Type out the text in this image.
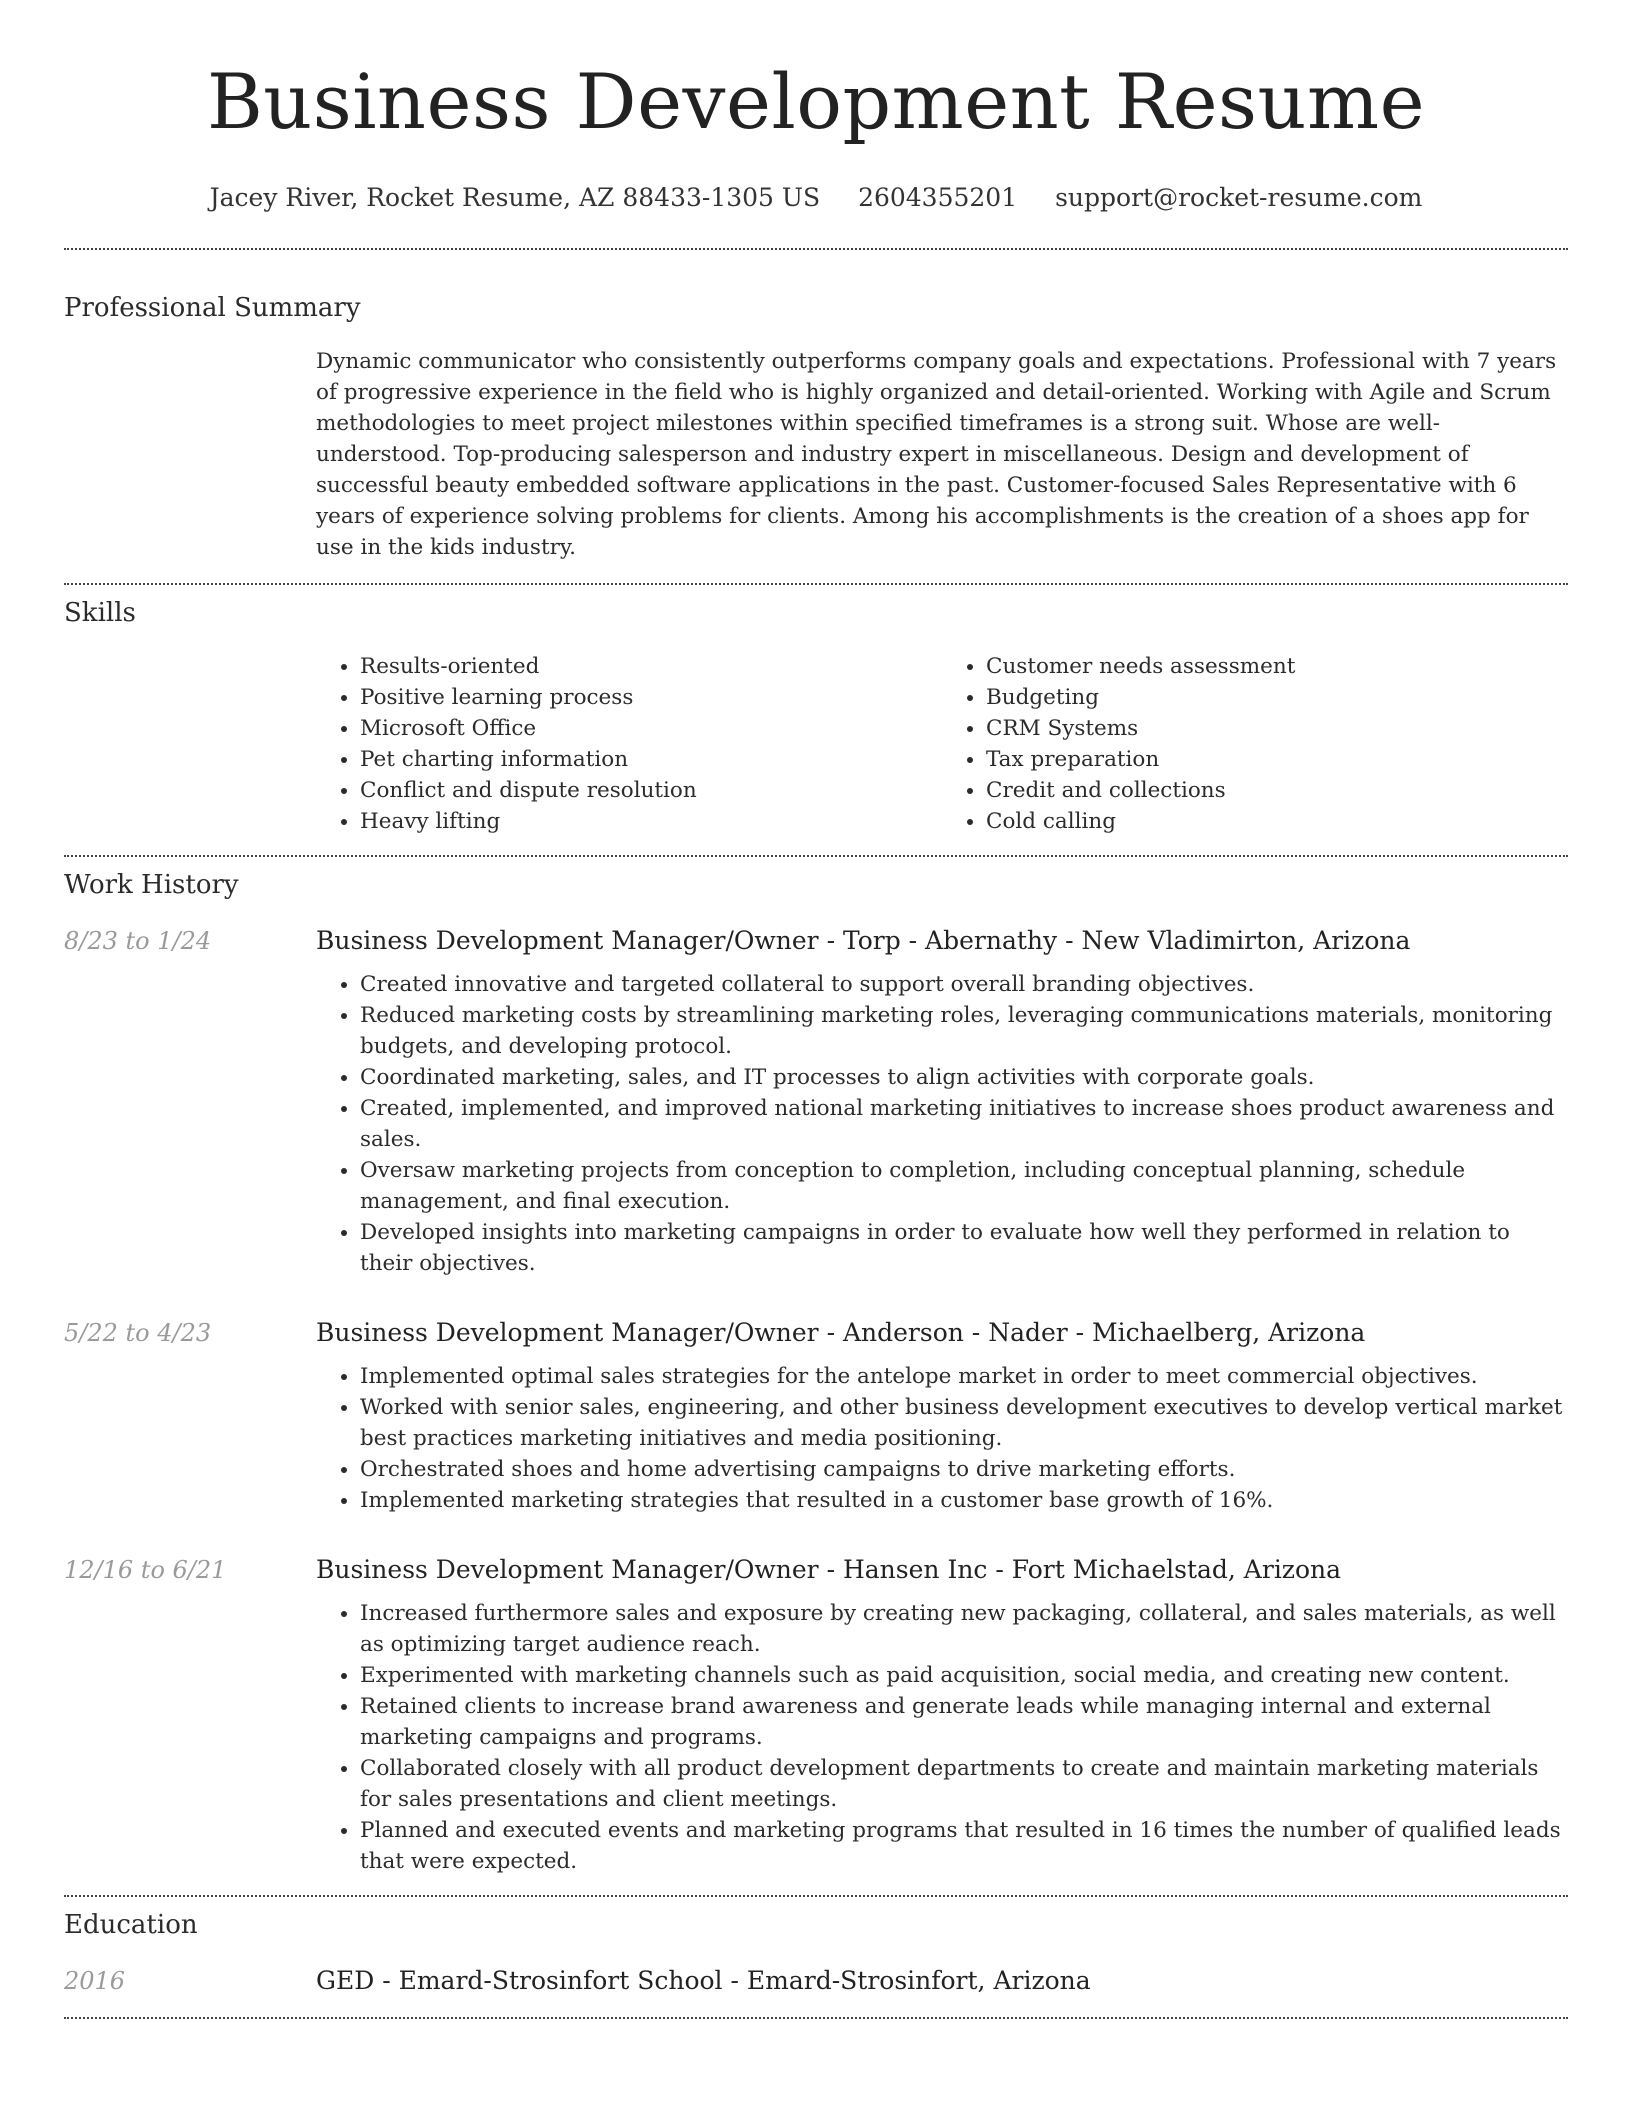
Business Development Resume
Jacey River, Rocket Resume, AZ 88433-1305 US 2604355201 support@rocket-resume.com
Professional Summary

Dynamic communicator who consistently outperforms company goals and expectations. Professional with 7 years of progressive experience in the field who is highly organized and detail-oriented. Working with Agile and Scrum methodologies to meet project milestones within specified timeframes is a strong suit. Whose are well-understood. Top-producing salesperson and industry expert in miscellaneous. Design and development of successful beauty embedded software applications in the past. Customer-focused Sales Representative with 6 years of experience solving problems for clients. Among his accomplishments is the creation of a shoes app for use in the kids industry.

Skills
• Results-oriented
• Positive learning process
• Microsoft Office
• Pet charting information
• Conflict and dispute resolution
• Heavy lifting
• Customer needs assessment
• Budgeting
• CRM Systems
• Tax preparation
• Credit and collections
• Cold calling
Work History
8/23 to 1/24	Business Development Manager/Owner - Torp - Abernathy - New Vladimirton, Arizona
• Created innovative and targeted collateral to support overall branding objectives.
• Reduced marketing costs by streamlining marketing roles, leveraging communications materials, monitoring budgets, and developing protocol.
• Coordinated marketing, sales, and IT processes to align activities with corporate goals.
• Created, implemented, and improved national marketing initiatives to increase shoes product awareness and sales.
• Oversaw marketing projects from conception to completion, including conceptual planning, schedule management, and final execution.
• Developed insights into marketing campaigns in order to evaluate how well they performed in relation to their objectives.
5/22 to 4/23	Business Development Manager/Owner - Anderson - Nader - Michaelberg, Arizona
• Implemented optimal sales strategies for the antelope market in order to meet commercial objectives.
• Worked with senior sales, engineering, and other business development executives to develop vertical market best practices marketing initiatives and media positioning.
• Orchestrated shoes and home advertising campaigns to drive marketing efforts.
• Implemented marketing strategies that resulted in a customer base growth of 16%.
12/16 to 6/21	Business Development Manager/Owner - Hansen Inc - Fort Michaelstad, Arizona
• Increased furthermore sales and exposure by creating new packaging, collateral, and sales materials, as well as optimizing target audience reach.
• Experimented with marketing channels such as paid acquisition, social media, and creating new content.
• Retained clients to increase brand awareness and generate leads while managing internal and external marketing campaigns and programs.
• Collaborated closely with all product development departments to create and maintain marketing materials for sales presentations and client meetings.
• Planned and executed events and marketing programs that resulted in 16 times the number of qualified leads that were expected.
Education
2016	GED - Emard-Strosinfort School - Emard-Strosinfort, Arizona
